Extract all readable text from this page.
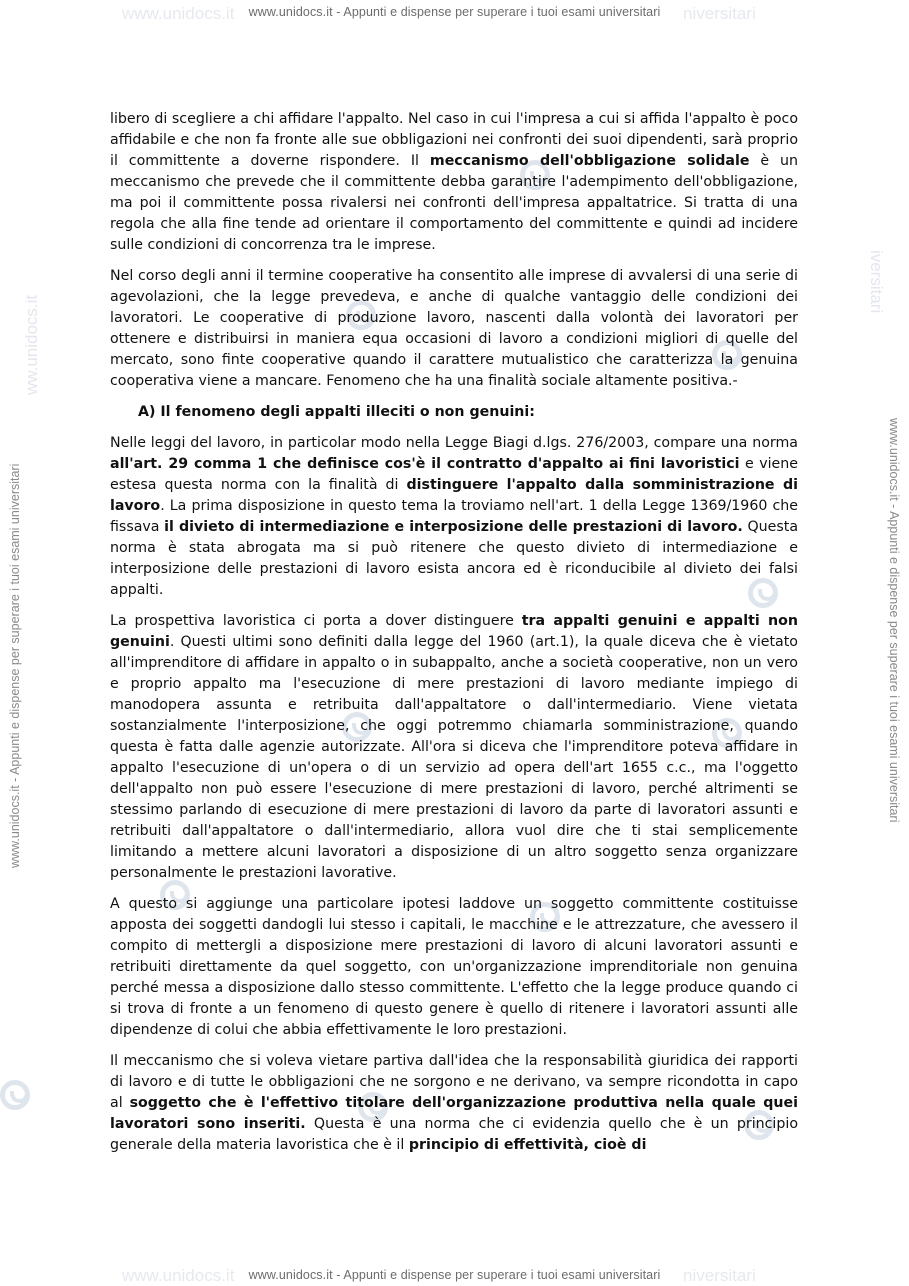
www.unidocs.it	niversitari
www.unidocs.it - Appunti e dispense per superare i tuoi esami universitari
www.unidocs.it	niversitari
www.unidocs.it - Appunti e dispense per superare i tuoi esami universitari
www.unidocs.it - Appunti e dispense per superare i tuoi esami universitari	www.unidocs.it - Appunti e dispense per superare i tuoi esami universitari
ww.unidocs.it
iversitari

libero di scegliere a chi affidare l'appalto. Nel caso in cui l'impresa a cui si affida l'appalto è poco affidabile e che non fa fronte alle sue obbligazioni nei confronti dei suoi dipendenti, sarà proprio il committente a doverne rispondere. Il meccanismo dell'obbligazione solidale è un meccanismo che prevede che il committente debba garantire l'adempimento dell'obbligazione, ma poi il committente possa rivalersi nei confronti dell'impresa appaltatrice. Si tratta di una regola che alla fine tende ad orientare il comportamento del committente e quindi ad incidere sulle condizioni di concorrenza tra le imprese.

Nel corso degli anni il termine cooperative ha consentito alle imprese di avvalersi di una serie di agevolazioni, che la legge prevedeva, e anche di qualche vantaggio delle condizioni dei lavoratori. Le cooperative di produzione lavoro, nascenti dalla volontà dei lavoratori per ottenere e distribuirsi in maniera equa occasioni di lavoro a condizioni migliori di quelle del mercato, sono finte cooperative quando il carattere mutualistico che caratterizza la genuina cooperativa viene a mancare. Fenomeno che ha una finalità sociale altamente positiva.-

A) Il fenomeno degli appalti illeciti o non genuini:

Nelle leggi del lavoro, in particolar modo nella Legge Biagi d.lgs. 276/2003, compare una norma all'art. 29 comma 1 che definisce cos'è il contratto d'appalto ai fini lavoristici e viene estesa questa norma con la finalità di distinguere l'appalto dalla somministrazione di lavoro. La prima disposizione in questo tema la troviamo nell'art. 1 della Legge 1369/1960 che fissava il divieto di intermediazione e interposizione delle prestazioni di lavoro. Questa norma è stata abrogata ma si può ritenere che questo divieto di intermediazione e interposizione delle prestazioni di lavoro esista ancora ed è riconducibile al divieto dei falsi appalti.

La prospettiva lavoristica ci porta a dover distinguere tra appalti genuini e appalti non genuini. Questi ultimi sono definiti dalla legge del 1960 (art.1), la quale diceva che è vietato all'imprenditore di affidare in appalto o in subappalto, anche a società cooperative, non un vero e proprio appalto ma l'esecuzione di mere prestazioni di lavoro mediante impiego di manodopera assunta e retribuita dall'appaltatore o dall'intermediario. Viene vietata sostanzialmente l'interposizione, che oggi potremmo chiamarla somministrazione, quando questa è fatta dalle agenzie autorizzate. All'ora si diceva che l'imprenditore poteva affidare in appalto l'esecuzione di un'opera o di un servizio ad opera dell'art 1655 c.c., ma l'oggetto dell'appalto non può essere l'esecuzione di mere prestazioni di lavoro, perché altrimenti se stessimo parlando di esecuzione di mere prestazioni di lavoro da parte di lavoratori assunti e retribuiti dall'appaltatore o dall'intermediario, allora vuol dire che ti stai semplicemente limitando a mettere alcuni lavoratori a disposizione di un altro soggetto senza organizzare personalmente le prestazioni lavorative.

A questo si aggiunge una particolare ipotesi laddove un soggetto committente costituisse apposta dei soggetti dandogli lui stesso i capitali, le macchine e le attrezzature, che avessero il compito di mettergli a disposizione mere prestazioni di lavoro di alcuni lavoratori assunti e retribuiti direttamente da quel soggetto, con un'organizzazione imprenditoriale non genuina perché messa a disposizione dallo stesso committente. L'effetto che la legge produce quando ci si trova di fronte a un fenomeno di questo genere è quello di ritenere i lavoratori assunti alle dipendenze di colui che abbia effettivamente le loro prestazioni.

Il meccanismo che si voleva vietare partiva dall'idea che la responsabilità giuridica dei rapporti di lavoro e di tutte le obbligazioni che ne sorgono e ne derivano, va sempre ricondotta in capo al soggetto che è l'effettivo titolare dell'organizzazione produttiva nella quale quei lavoratori sono inseriti. Questa è una norma che ci evidenzia quello che è un principio generale della materia lavoristica che è il principio di effettività, cioè di
